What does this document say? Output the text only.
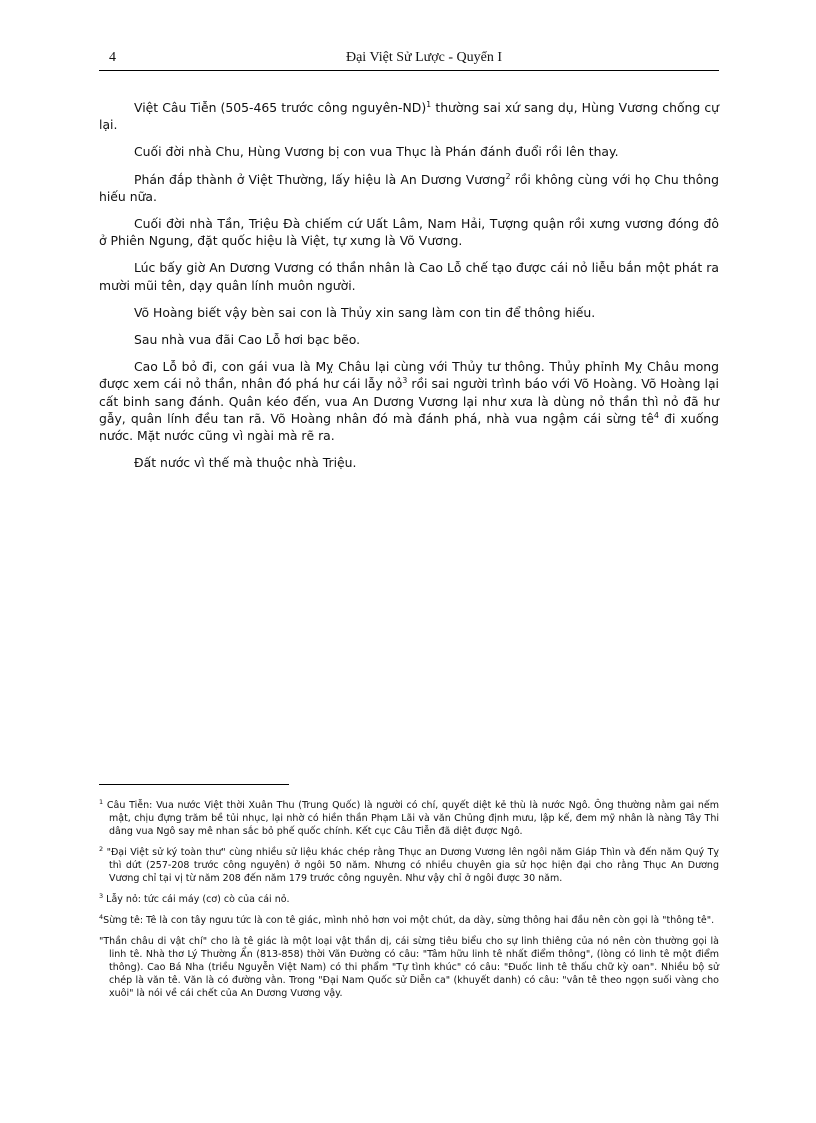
4	Đại Việt Sử Lược - Quyển I

Việt Câu Tiễn (505-465 trước công nguyên-ND)$^1$ thường sai xứ sang dụ, Hùng Vương chống cự lại.

Cuối đời nhà Chu, Hùng Vương bị con vua Thục là Phán đánh đuổi rồi lên thay.

Phán đắp thành ở Việt Thường, lấy hiệu là An Dương Vương$^2$ rồi không cùng với họ Chu thông hiếu nữa.

Cuối đời nhà Tần, Triệu Đà chiếm cứ Uất Lâm, Nam Hải, Tượng quận rồi xưng vương đóng đô ở Phiên Ngung, đặt quốc hiệu là Việt, tự xưng là Võ Vương.

Lúc bấy giờ An Dương Vương có thần nhân là Cao Lỗ chế tạo được cái nỏ liễu bắn một phát ra mười mũi tên, dạy quân lính muôn người.

Võ Hoàng biết vậy bèn sai con là Thủy xin sang làm con tin để thông hiếu.

Sau nhà vua đãi Cao Lỗ hơi bạc bẽo.

Cao Lỗ bỏ đi, con gái vua là Mỵ Châu lại cùng với Thủy tư thông. Thủy phỉnh Mỵ Châu mong được xem cái nỏ thần, nhân đó phá hư cái lẫy nỏ$^3$ rồi sai người trình báo với Võ Hoàng. Võ Hoàng lại cất binh sang đánh. Quân kéo đến, vua An Dương Vương lại như xưa là dùng nỏ thần thì nỏ đã hư gẫy, quân lính đều tan rã. Võ Hoàng nhân đó mà đánh phá, nhà vua ngậm cái sừng $tê^4$ đi xuống nước. Mặt nước cũng vì ngài mà rẽ ra.

Đất nước vì thế mà thuộc nhà Triệu.

$^1$ Câu Tiễn: Vua nước Việt thời Xuân Thu (Trung Quốc) là người có chí, quyết diệt kẻ thù là nước Ngô. Ông thường nằm gai nếm mật, chịu đựng trăm bề tủi nhục, lại nhờ có hiền thần Phạm Lãi và văn Chủng định mưu, lập kế, đem mỹ nhân là nàng Tây Thi dâng vua Ngô say mê nhan sắc bỏ phế quốc chính. Kết cục Câu Tiễn đã diệt được Ngô.

$^2$ "Đại Việt sử ký toàn thư" cùng nhiều sử liệu khác chép rằng Thục an Dương Vương lên ngôi năm Giáp Thìn và đến năm Quý Tỵ thì dứt (257-208 trước công nguyên) ở ngôi 50 năm. Nhưng có nhiều chuyên gia sử học hiện đại cho rằng Thục An Dương Vương chỉ tại vị từ năm 208 đến năm 179 trước công nguyên. Như vậy chỉ ở ngôi được 30 năm.

$^3$ Lẫy nỏ: tức cái máy (cơ) cò của cái nỏ.

$^4$Sừng tê: Tê là con tây ngưu tức là con tê giác, mình nhỏ hơn voi một chút, da dày, sừng thông hai đầu nên còn gọi là "thông tê".

"Thần châu di vật chí" cho là tê giác là một loại vật thần dị, cái sừng tiêu biểu cho sự linh thiêng của nó nên còn thường gọi là linh tê. Nhà thơ Lý Thường Ẩn (813-858) thời Vãn Đường có câu: "Tâm hữu linh tê nhất điểm thông", (lòng có linh tê một điểm thông). Cao Bá Nha (triều Nguyễn Việt Nam) có thi phẩm "Tự tình khúc" có câu: "Đuốc linh tê thấu chữ kỳ oan". Nhiều bộ sử chép là văn tê. Văn là có đường vằn. Trong "Đại Nam Quốc sử Diễn ca" (khuyết danh) có câu: "vân tê theo ngọn suối vàng cho xuôi" là nói về cái chết của An Dương Vương vậy.
